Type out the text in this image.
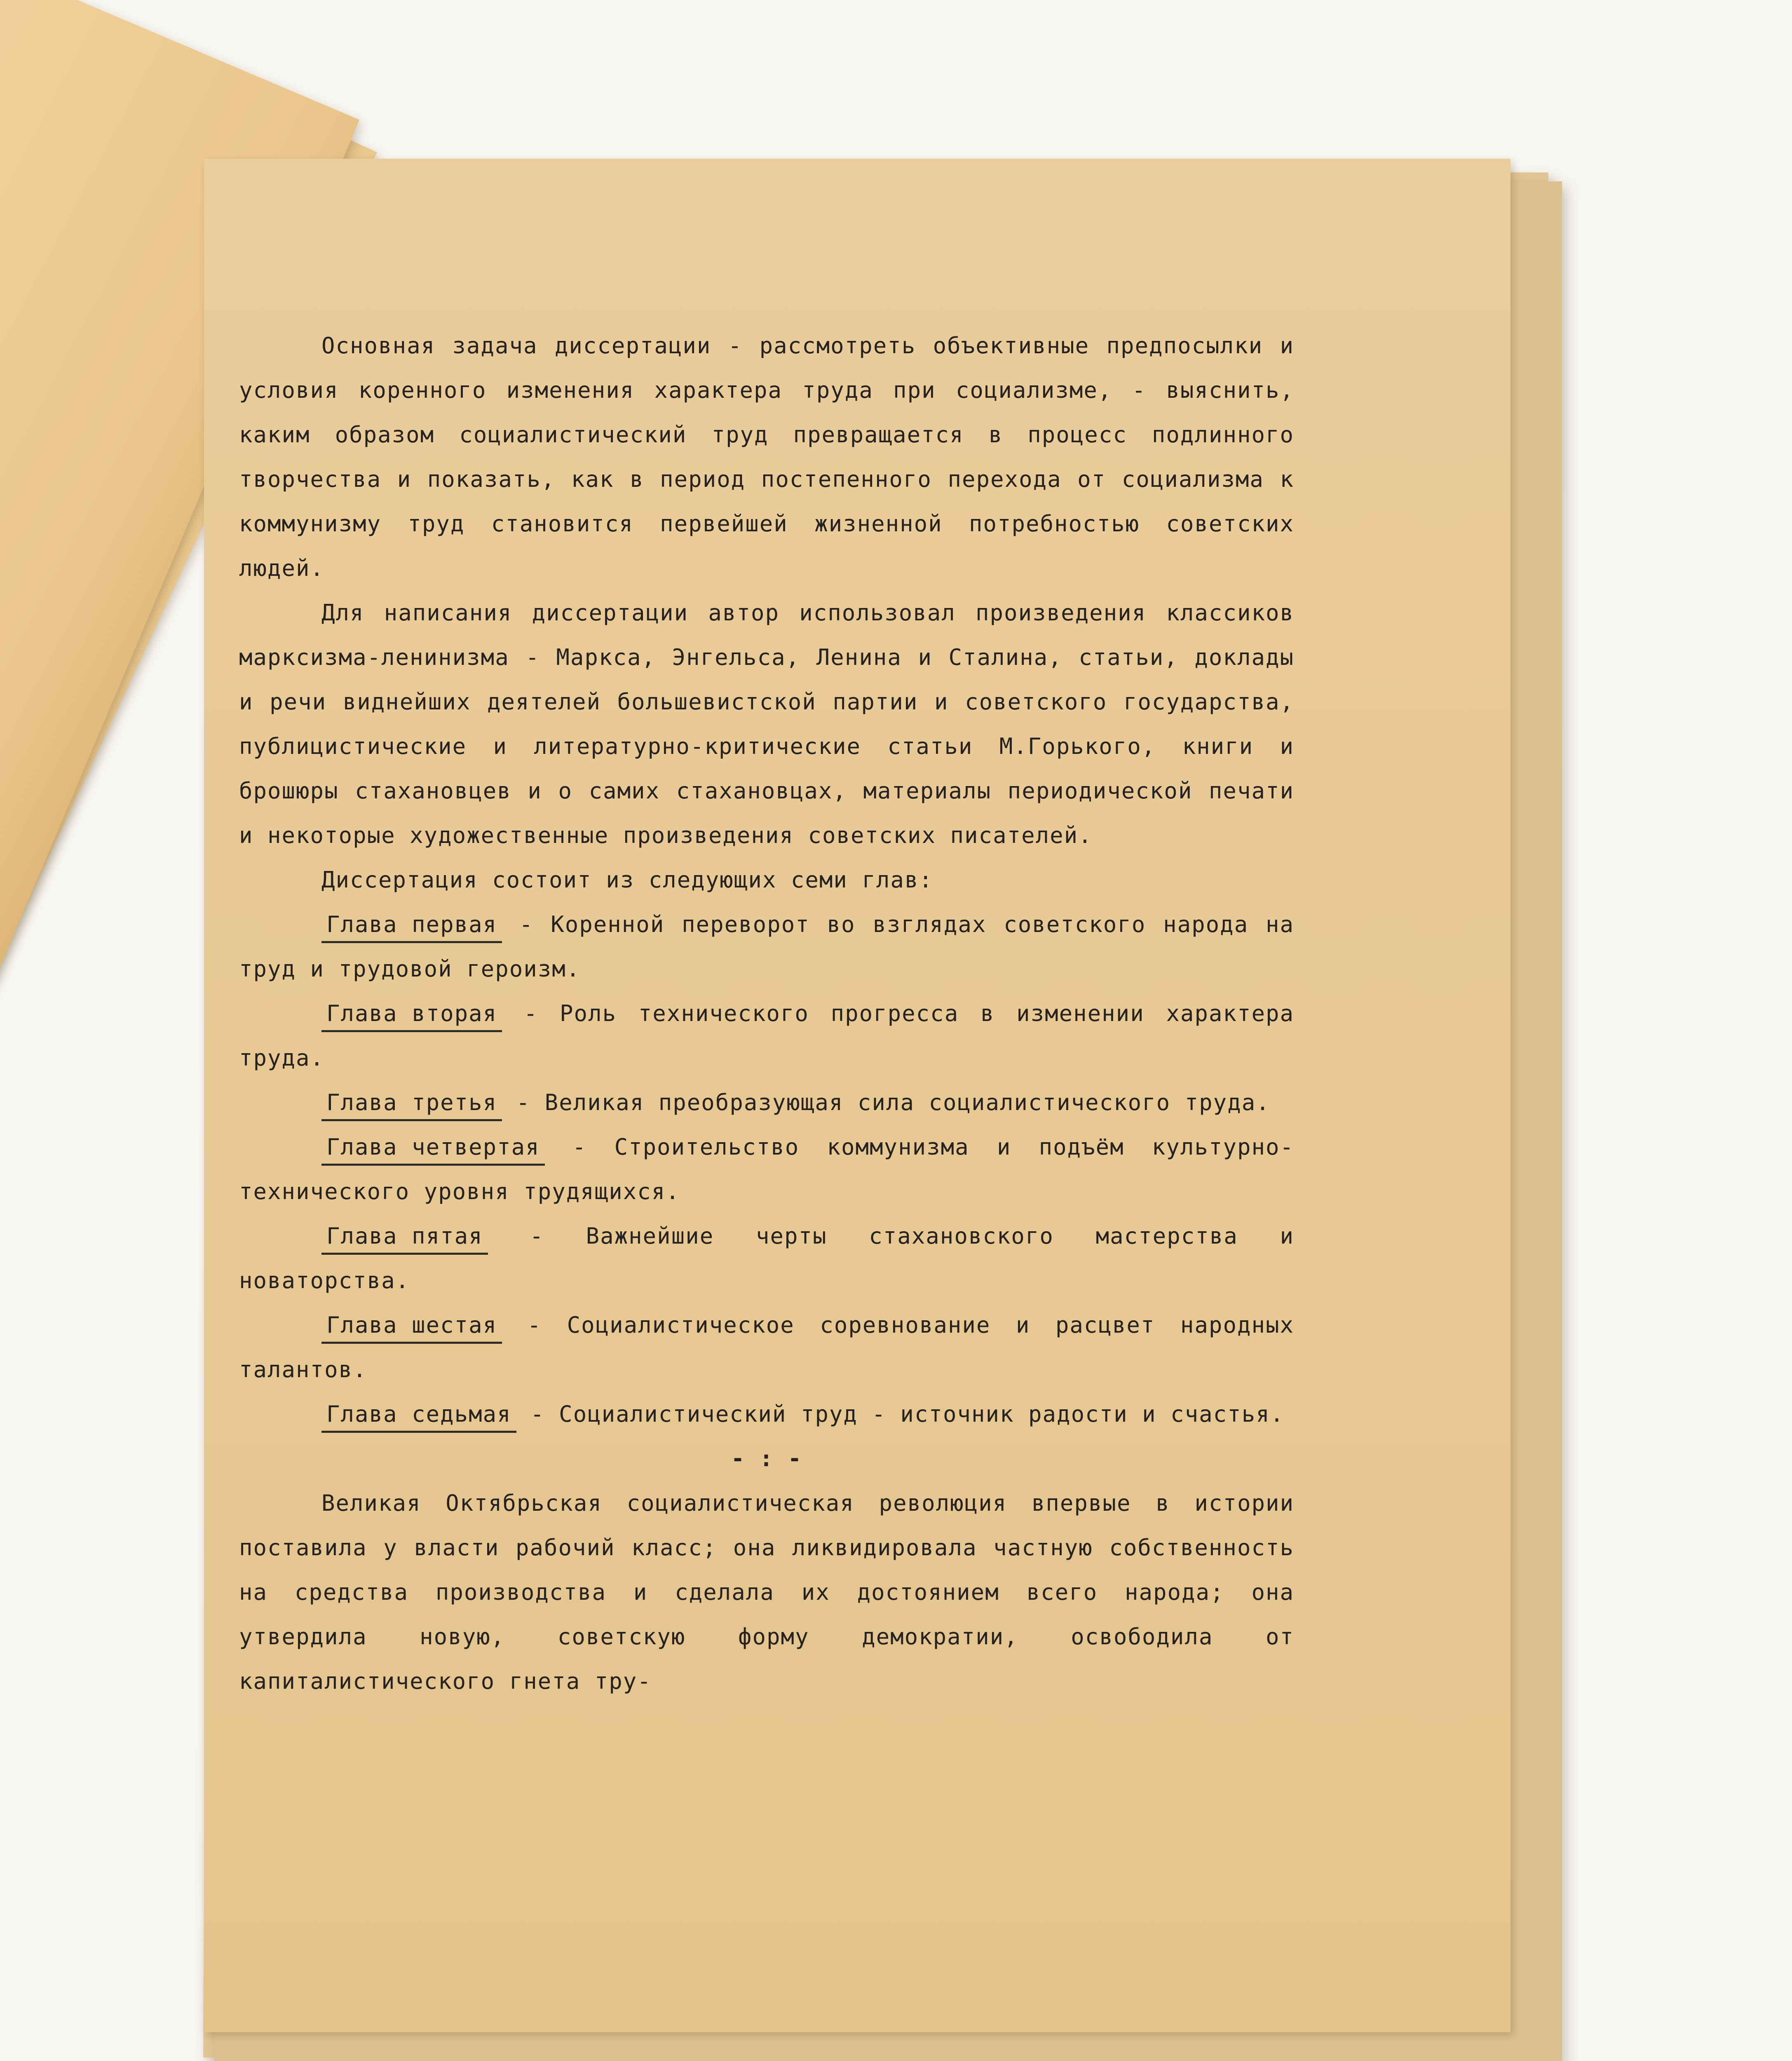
Основная задача диссертации - рассмотреть объективные предпосылки и условия коренного изменения характера труда при социализме, - выяснить, каким образом социалистический труд превращается в процесс подлинного творчества и показать, как в период постепенного перехода от социализма к коммунизму труд становится первейшей жизненной потребностью советских людей.

Для написания диссертации автор использовал произведения классиков марксизма-ленинизма - Маркса, Энгельса, Ленина и Сталина, статьи, доклады и речи виднейших деятелей большевистской партии и советского государства, публицистические и литературно-критические статьи М.Горького, книги и брошюры стахановцев и о самих стахановцах, материалы периодической печати и некоторые художественные произведения советских писателей.

Диссертация состоит из следующих семи глав:

Глава первая - Коренной переворот во взглядах советского народа на труд и трудовой героизм.

Глава вторая - Роль технического прогресса в изменении характера труда.

Глава третья - Великая преобразующая сила социалистического труда.

Глава четвертая - Строительство коммунизма и подъём культурно-технического уровня трудящихся.

Глава пятая - Важнейшие черты стахановского мастерства и новаторства.

Глава шестая - Социалистическое соревнование и расцвет народных талантов.

Глава седьмая - Социалистический труд - источник радости и счастья.

- : -

Великая Октябрьская социалистическая революция впервые в истории поставила у власти рабочий класс; она ликвидировала частную собственность на средства производства и сделала их достоянием всего народа; она утвердила новую, советскую форму демократии, освободила от капиталистического гнета тру-
